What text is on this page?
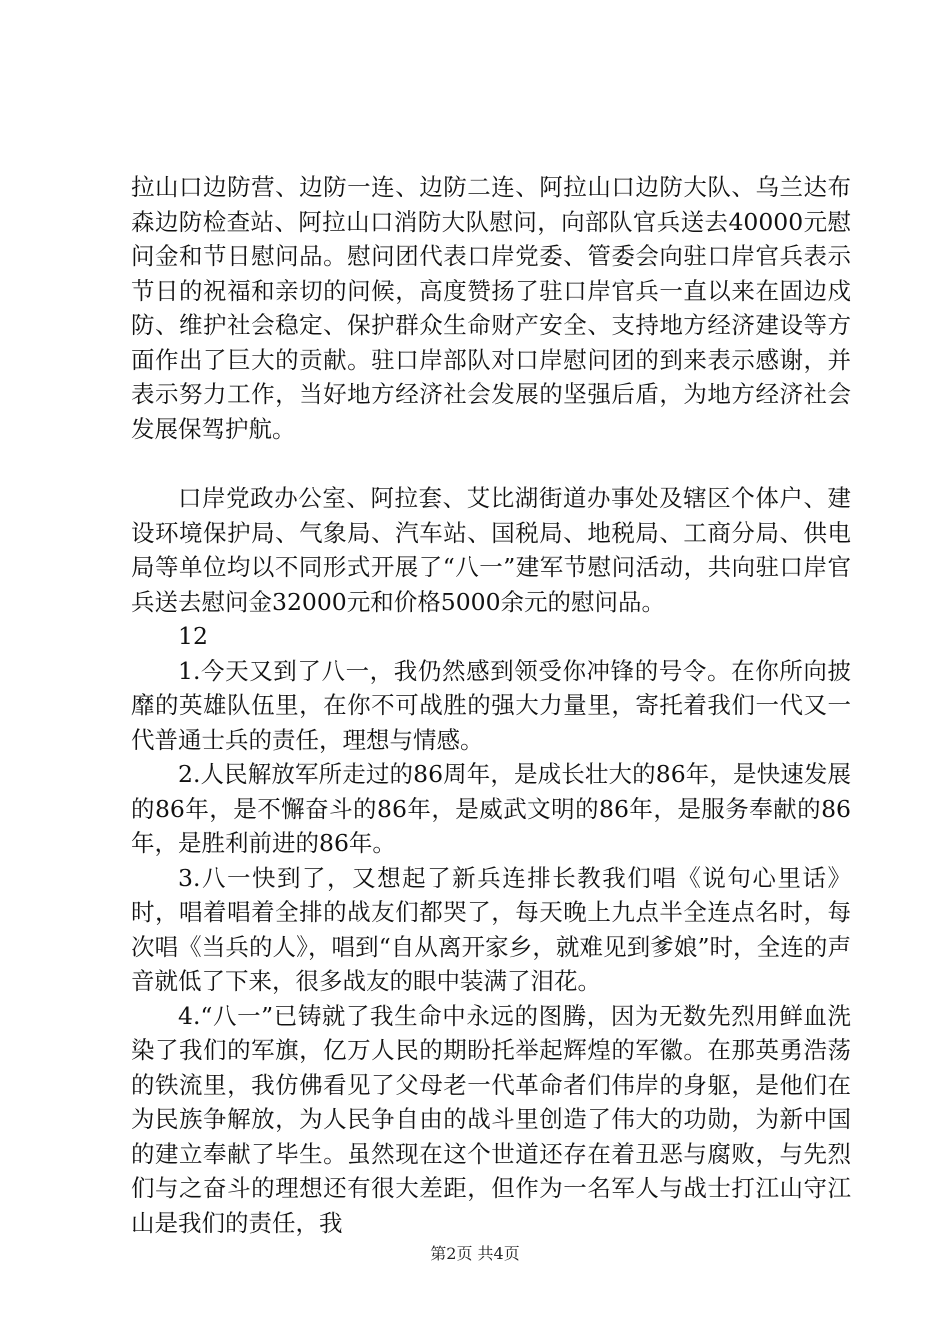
拉山口边防营、边防一连、边防二连、阿拉山口边防大队、乌兰达布森边防检查站、阿拉山口消防大队慰问，向部队官兵送去40000元慰问金和节日慰问品。慰问团代表口岸党委、管委会向驻口岸官兵表示节日的祝福和亲切的问候，高度赞扬了驻口岸官兵一直以来在固边戍防、维护社会稳定、保护群众生命财产安全、支持地方经济建设等方面作出了巨大的贡献。驻口岸部队对口岸慰问团的到来表示感谢，并表示努力工作，当好地方经济社会发展的坚强后盾，为地方经济社会发展保驾护航。

口岸党政办公室、阿拉套、艾比湖街道办事处及辖区个体户、建设环境保护局、气象局、汽车站、国税局、地税局、工商分局、供电局等单位均以不同形式开展了“八一”建军节慰问活动，共向驻口岸官兵送去慰问金32000元和价格5000余元的慰问品。

12

1.今天又到了八一，我仍然感到领受你冲锋的号令。在你所向披靡的英雄队伍里，在你不可战胜的强大力量里，寄托着我们一代又一代普通士兵的责任，理想与情感。

2.人民解放军所走过的86周年，是成长壮大的86年，是快速发展的86年，是不懈奋斗的86年，是威武文明的86年，是服务奉献的86年，是胜利前进的86年。

3.八一快到了，又想起了新兵连排长教我们唱《说句心里话》时，唱着唱着全排的战友们都哭了，每天晚上九点半全连点名时，每次唱《当兵的人》，唱到“自从离开家乡，就难见到爹娘”时，全连的声音就低了下来，很多战友的眼中装满了泪花。

4.“八一”已铸就了我生命中永远的图腾，因为无数先烈用鲜血洗染了我们的军旗，亿万人民的期盼托举起辉煌的军徽。在那英勇浩荡的铁流里，我仿佛看见了父母老一代革命者们伟岸的身躯，是他们在为民族争解放，为人民争自由的战斗里创造了伟大的功勋，为新中国的建立奉献了毕生。虽然现在这个世道还存在着丑恶与腐败，与先烈们与之奋斗的理想还有很大差距，但作为一名军人与战士打江山守江山是我们的责任，我

第2页 共4页
